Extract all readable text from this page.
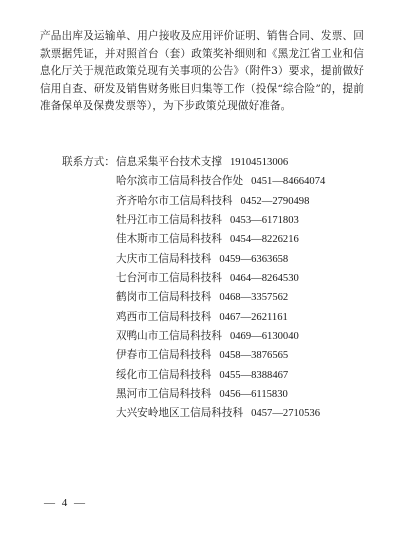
产品出库及运输单、用户接收及应用评价证明、销售合同、发票、回款票据凭证，并对照首台（套）政策奖补细则和《黑龙江省工业和信息化厅关于规范政策兑现有关事项的公告》（附件3）要求，提前做好信用自查、研发及销售财务账目归集等工作（投保“综合险”的，提前准备保单及保费发票等），为下步政策兑现做好准备。

联系方式： 信息采集平台技术支撑 19104513006
哈尔滨市工信局科技合作处 0451—84664074
齐齐哈尔市工信局科技科 0452—2790498
牡丹江市工信局科技科 0453—6171803
佳木斯市工信局科技科 0454—8226216
大庆市工信局科技科 0459—6363658
七台河市工信局科技科 0464—8264530
鹤岗市工信局科技科 0468—3357562
鸡西市工信局科技科 0467—2621161
双鸭山市工信局科技科 0469—6130040
伊春市工信局科技科 0458—3876565
绥化市工信局科技科 0455—8388467
黑河市工信局科技科 0456—6115830
大兴安岭地区工信局科技科 0457—2710536
— 4 —
